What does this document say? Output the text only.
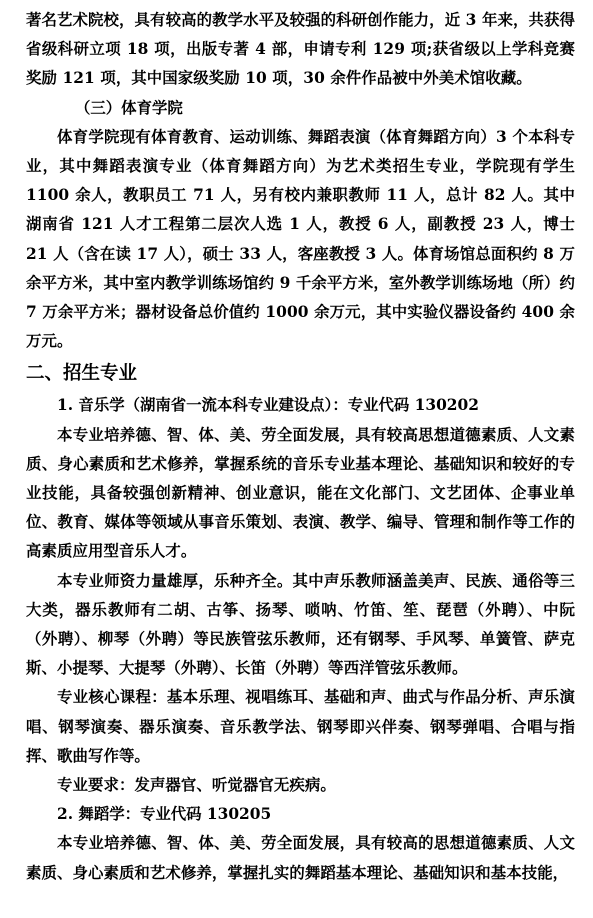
著名艺术院校，具有较高的教学水平及较强的科研创作能力，近 3 年来，共获得省级科研立项 18 项，出版专著 4 部，申请专利 129 项;获省级以上学科竞赛奖励 121 项，其中国家级奖励 10 项，30 余件作品被中外美术馆收藏。

（三）体育学院

体育学院现有体育教育、运动训练、舞蹈表演（体育舞蹈方向）3 个本科专业，其中舞蹈表演专业（体育舞蹈方向）为艺术类招生专业，学院现有学生 1100 余人，教职员工 71 人，另有校内兼职教师 11 人，总计 82 人。其中湖南省 121 人才工程第二层次人选 1 人，教授 6 人，副教授 23 人，博士 21 人（含在读 17 人），硕士 33 人，客座教授 3 人。体育场馆总面积约 8 万余平方米，其中室内教学训练场馆约 9 千余平方米，室外教学训练场地（所）约 7 万余平方米；器材设备总价值约 1000 余万元，其中实验仪器设备约 400 余万元。

二、招生专业

1. 音乐学（湖南省一流本科专业建设点）：专业代码 130202

本专业培养德、智、体、美、劳全面发展，具有较高思想道德素质、人文素质、身心素质和艺术修养，掌握系统的音乐专业基本理论、基础知识和较好的专业技能，具备较强创新精神、创业意识，能在文化部门、文艺团体、企事业单位、教育、媒体等领域从事音乐策划、表演、教学、编导、管理和制作等工作的高素质应用型音乐人才。

本专业师资力量雄厚，乐种齐全。其中声乐教师涵盖美声、民族、通俗等三大类，器乐教师有二胡、古筝、扬琴、唢呐、竹笛、笙、琵琶（外聘）、中阮（外聘）、柳琴（外聘）等民族管弦乐教师，还有钢琴、手风琴、单簧管、萨克斯、小提琴、大提琴（外聘）、长笛（外聘）等西洋管弦乐教师。

专业核心课程：基本乐理、视唱练耳、基础和声、曲式与作品分析、声乐演唱、钢琴演奏、器乐演奏、音乐教学法、钢琴即兴伴奏、钢琴弹唱、合唱与指挥、歌曲写作等。

专业要求：发声器官、听觉器官无疾病。

2. 舞蹈学：专业代码 130205

本专业培养德、智、体、美、劳全面发展，具有较高的思想道德素质、人文素质、身心素质和艺术修养，掌握扎实的舞蹈基本理论、基础知识和基本技能，
